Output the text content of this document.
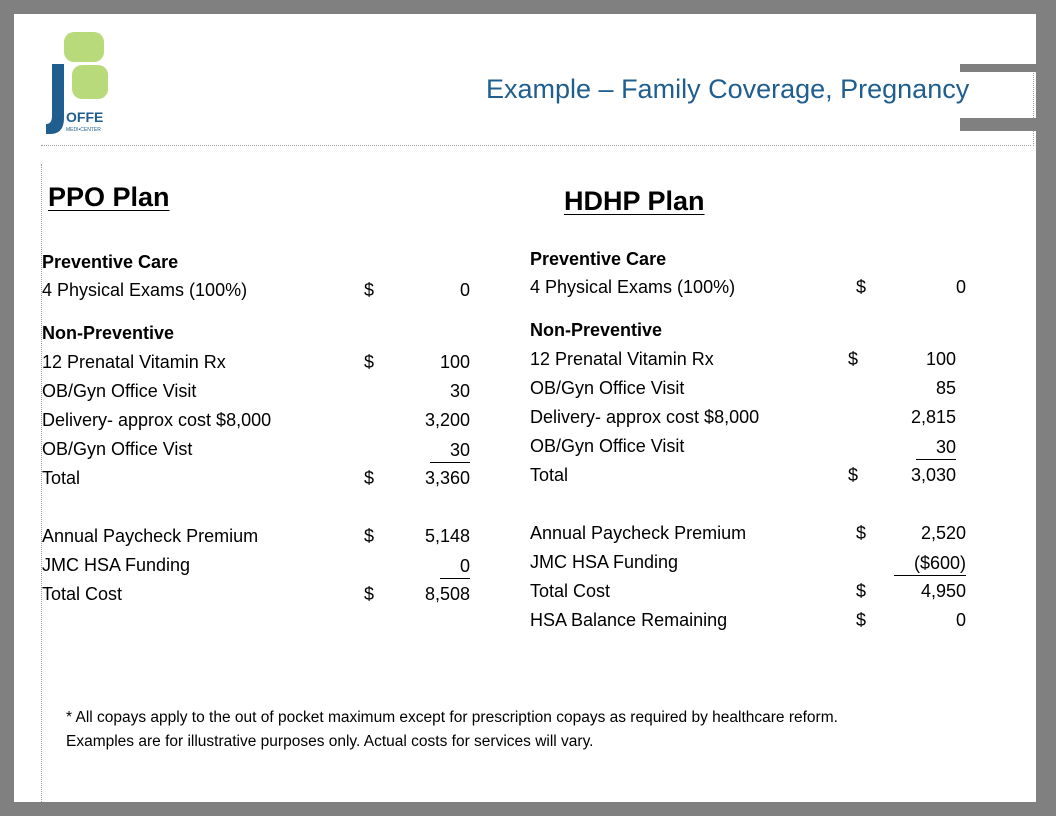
OFFE
MEDI•CENTER
Example – Family Coverage, Pregnancy
PPO Plan
Preventive Care
Non-Preventive
4 Physical Exams (100%)	$	0
12 Prenatal Vitamin Rx	$	100
OB/Gyn Office Visit	30
Delivery- approx cost $8,000	3,200
OB/Gyn Office Vist	30
Total	$	3,360
Annual Paycheck Premium	$	5,148
JMC HSA Funding	0
Total Cost	$	8,508
HDHP Plan
Preventive Care
Non-Preventive
4 Physical Exams (100%)	$	0
12 Prenatal Vitamin Rx	$	100
OB/Gyn Office Visit	85
Delivery- approx cost $8,000	2,815
OB/Gyn Office Visit	30
Total	$	3,030
Annual Paycheck Premium	$	2,520
JMC HSA Funding	($600)
Total Cost	$	4,950
HSA Balance Remaining	$	0
* All copays apply to the out of pocket maximum except for prescription copays as required by healthcare reform.
Examples are for illustrative purposes only. Actual costs for services will vary.
